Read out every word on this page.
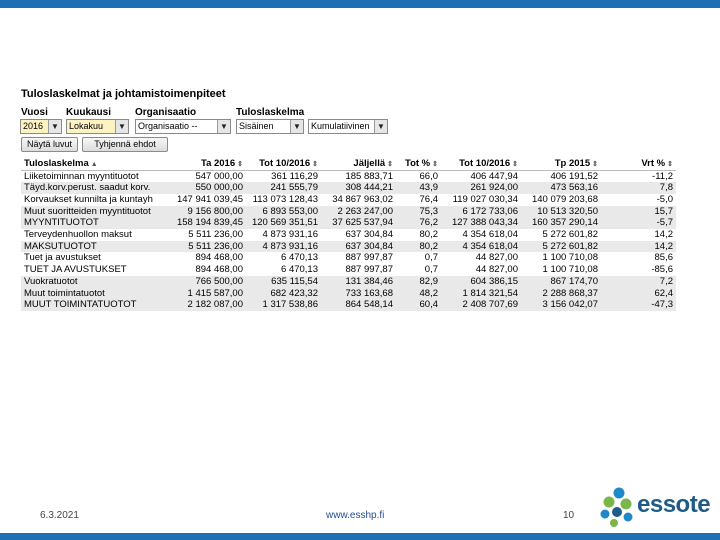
Tuloslaskelmat ja johtamistoimenpiteet
Vuosi Kuukausi Organisaatio	Tuloslaskelma
2016	▼	Lokakuu	▼	Organisaatio --	▼	Sisäinen	▼	Kumulatiivinen ▼
Näytä luvut	Tyhjennä ehdot
Tuloslaskelma ▲	Ta 2016 ⇕	Tot 10/2016 ⇕	Jäljellä ⇕	Tot % ⇕	Tot 10/2016 ⇕	Tp 2015 ⇕	Vrt % ⇕
Liiketoiminnan myyntituotot	547 000,00	361 116,29	185 883,71	66,0	406 447,94	406 191,52	-11,2
Täyd.korv.perust. saadut korv.	550 000,00	241 555,79	308 444,21	43,9	261 924,00	473 563,16	7,8
Korvaukset kunnilta ja kuntayh	147 941 039,45	113 073 128,43	34 867 963,02	76,4	119 027 030,34	140 079 203,68	-5,0
Muut suoritteiden myyntituotot	9 156 800,00	6 893 553,00	2 263 247,00	75,3	6 172 733,06	10 513 320,50	15,7
MYYNTITUOTOT	158 194 839,45	120 569 351,51	37 625 537,94	76,2	127 388 043,34	160 357 290,14	-5,7
Terveydenhuollon maksut	5 511 236,00	4 873 931,16	637 304,84	80,2	4 354 618,04	5 272 601,82	14,2
MAKSUTUOTOT	5 511 236,00	4 873 931,16	637 304,84	80,2	4 354 618,04	5 272 601,82	14,2
Tuet ja avustukset	894 468,00	6 470,13	887 997,87	0,7	44 827,00	1 100 710,08	85,6
TUET JA AVUSTUKSET	894 468,00	6 470,13	887 997,87	0,7	44 827,00	1 100 710,08	-85,6
Vuokratuotot	766 500,00	635 115,54	131 384,46	82,9	604 386,15	867 174,70	7,2
Muut toimintatuotot	1 415 587,00	682 423,32	733 163,68	48,2	1 814 321,54	2 288 868,37	62,4
MUUT TOIMINTATUOTOT	2 182 087,00	1 317 538,86	864 548,14	60,4	2 408 707,69	3 156 042,07	-47,3
6.3.2021	www.esshp.fi	10	essote
